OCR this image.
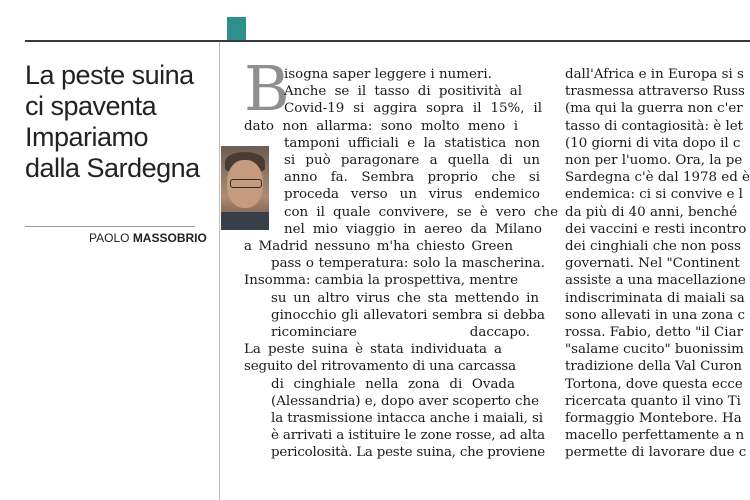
La peste suina
ci spaventa
Impariamo
dalla Sardegna
PAOLO MASSOBRIO
B
isogna saper leggere i numeri.
Anche se il tasso di positività al
Covid-19 si aggira sopra il 15%, il
dato non allarma: sono molto meno i
tamponi ufficiali e la statistica non
si può paragonare a quella di un
anno fa. Sembra proprio che si
proceda verso un virus endemico
con il quale convivere, se è vero che
nel mio viaggio in aereo da Milano
a Madrid nessuno m'ha chiesto Green
pass o temperatura: solo la mascherina.
Insomma: cambia la prospettiva, mentre
su un altro virus che sta mettendo in
ginocchio gli allevatori sembra si debba
ricominciare daccapo.
La peste suina è stata individuata a
seguito del ritrovamento di una carcassa
di cinghiale nella zona di Ovada
(Alessandria) e, dopo aver scoperto che
la trasmissione intacca anche i maiali, si
è arrivati a istituire le zone rosse, ad alta
pericolosità. La peste suina, che proviene
dall'Africa e in Europa si s
trasmessa attraverso Russ
(ma qui la guerra non c'er
tasso di contagiosità: è let
(10 giorni di vita dopo il c
non per l'uomo. Ora, la pe
Sardegna c'è dal 1978 ed è
endemica: ci si convive e l
da più di 40 anni, benché
dei vaccini e resti incontro
dei cinghiali che non poss
governati. Nel "Continent
assiste a una macellazione
indiscriminata di maiali sa
sono allevati in una zona c
rossa. Fabio, detto "il Ciar
"salame cucito" buonissim
tradizione della Val Curon
Tortona, dove questa ecce
ricercata quanto il vino Ti
formaggio Montebore. Ha
macello perfettamente a n
permette di lavorare due c
